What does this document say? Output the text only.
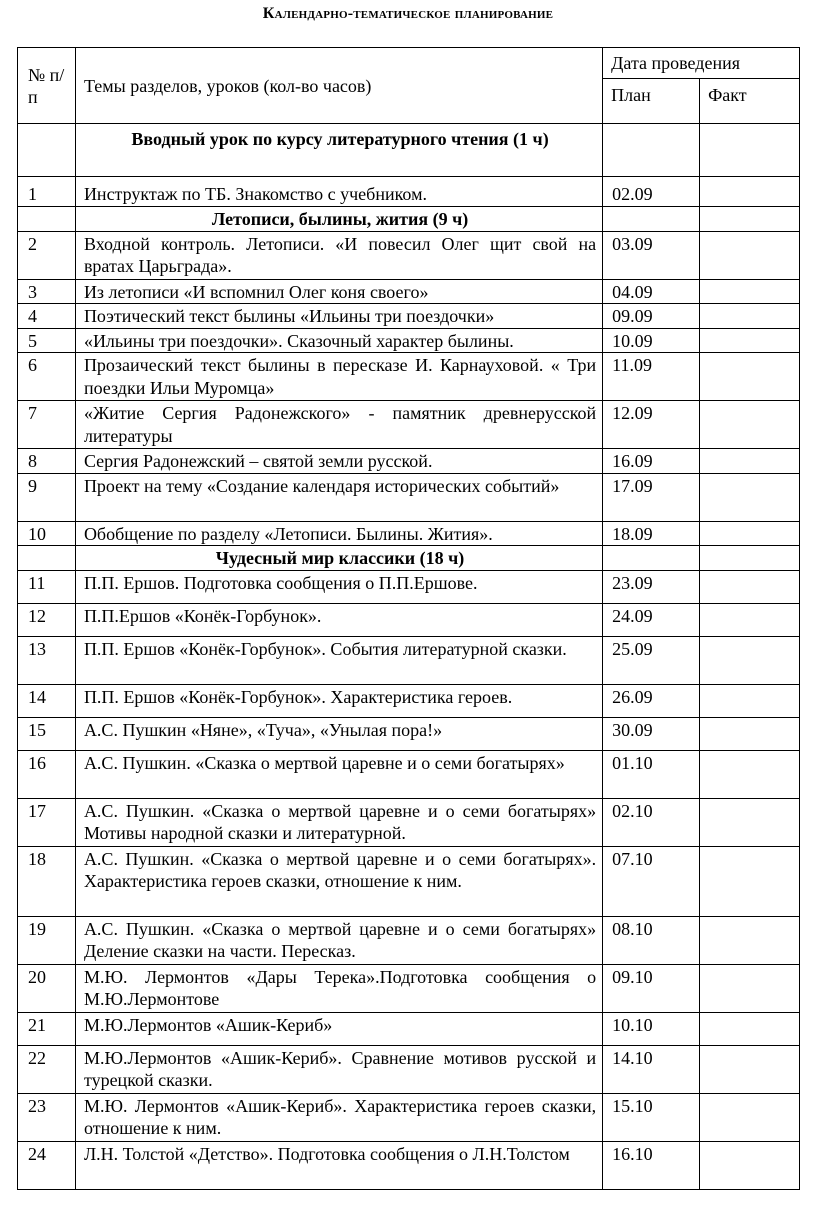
Календарно-тематическое планирование
№ п/п	Темы разделов, уроков (кол-во часов)	Дата проведения	
		План	Факт
	Вводный урок по курсу литературного чтения (1 ч)		
1	Инструктаж по ТБ. Знакомство с учебником.	02.09	
	Летописи, былины, жития (9 ч)		
2	Входной контроль. Летописи. «И повесил Олег щит свой на вратах Царьграда».	03.09	
3	Из летописи «И вспомнил Олег коня своего»	04.09	
4	Поэтический текст былины «Ильины три поездочки»	09.09	
5	«Ильины три поездочки». Сказочный характер былины.	10.09	
6	Прозаический текст былины в пересказе И. Карнауховой. « Три поездки Ильи Муромца»	11.09	
7	«Житие Сергия Радонежского» - памятник древнерусской литературы	12.09	
8	Сергия Радонежский – святой земли русской.	16.09	
9	Проект на тему «Создание календаря исторических событий»	17.09	
10	Обобщение по разделу «Летописи. Былины. Жития».	18.09	
	Чудесный мир классики (18 ч)		
11	П.П. Ершов. Подготовка сообщения о П.П.Ершове.	23.09	
12	П.П.Ершов «Конёк-Горбунок».	24.09	
13	П.П. Ершов «Конёк-Горбунок». События литературной сказки.	25.09	
14	П.П. Ершов «Конёк-Горбунок». Характеристика героев.	26.09	
15	А.С. Пушкин «Няне», «Туча», «Унылая пора!»	30.09	
16	А.С. Пушкин. «Сказка о мертвой царевне и о семи богатырях»	01.10	
17	А.С. Пушкин. «Сказка о мертвой царевне и о семи богатырях» Мотивы народной сказки и литературной.	02.10	
18	А.С. Пушкин. «Сказка о мертвой царевне и о семи богатырях». Характеристика героев сказки, отношение к ним.	07.10	
19	А.С. Пушкин. «Сказка о мертвой царевне и о семи богатырях» Деление сказки на части. Пересказ.	08.10	
20	М.Ю. Лермонтов «Дары Терека».Подготовка сообщения о М.Ю.Лермонтове	09.10	
21	М.Ю.Лермонтов «Ашик-Кериб»	10.10	
22	М.Ю.Лермонтов «Ашик-Кериб». Сравнение мотивов русской и турецкой сказки.	14.10	
23	М.Ю. Лермонтов «Ашик-Кериб». Характеристика героев сказки, отношение к ним.	15.10	
24	Л.Н. Толстой «Детство». Подготовка сообщения о Л.Н.Толстом	16.10	
